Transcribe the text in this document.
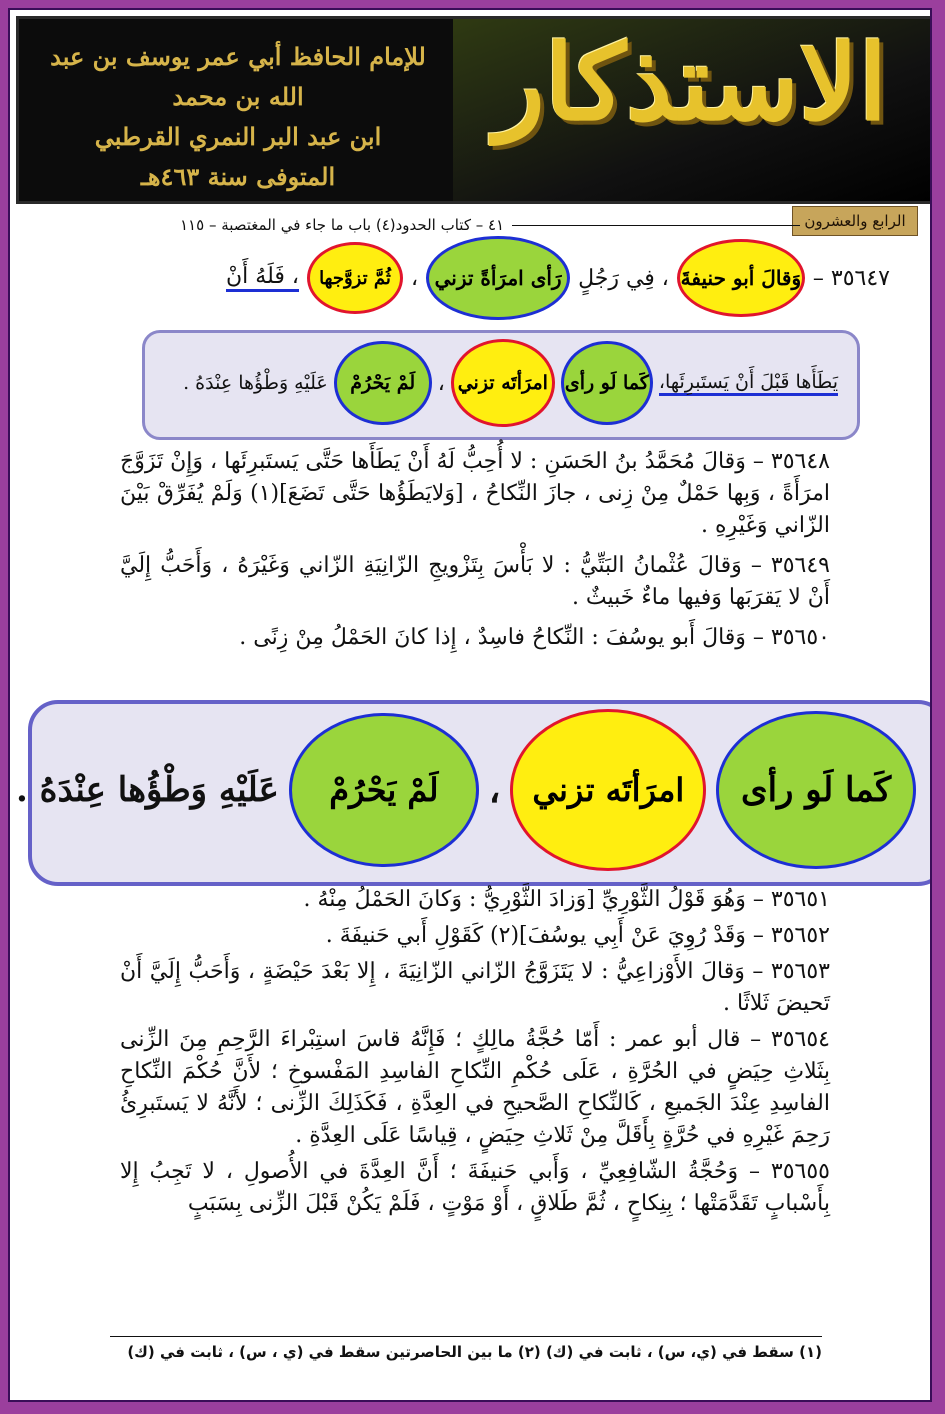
الاستذكار
للإمام الحافظ أبي عمر يوسف بن عبد الله بن محمد
ابن عبد البر النمري القرطبي
المتوفى سنة ٤٦٣هـ
الرابع والعشرون
٤١ – كتاب الحدود(٤) باب ما جاء في المغتصبة – ١١٥
٣٥٦٤٧ –
وَقالَ أبو حنيفةَ
، فِي رَجُلٍ
رَأى امرَأةً تزني
،
ثُمَّ تزوَّجها
، فَلَهُ أَنْ
يَطَأَها قَبْلَ أَنْ يَستَبرِئَها،
كَما لَو رأى
امرَأتَه تزني
،
لَمْ يَحْرُمْ
عَلَيْهِ وَطْؤُها عِنْدَهُ .

٣٥٦٤٨ – وَقالَ مُحَمَّدُ بنُ الحَسَنِ : لا أُحِبُّ لَهُ أَنْ يَطَأَها حَتَّى يَستَبرِئَها ، وَإِنْ تَزَوَّجَ امرَأَةً ، وَبِها حَمْلٌ مِنْ زِنى ، جازَ النِّكاحُ ، [وَلايَطَؤُها حَتَّى تَضَعَ](١) وَلَمْ يُفَرِّقْ بَيْنَ الزّاني وَغَيْرِهِ .

٣٥٦٤٩ – وَقالَ عُثْمانُ البَتِّيُّ : لا بَأْسَ بِتَزْويجِ الزّانِيَةِ الزّاني وَغَيْرَهُ ، وَأَحَبُّ إِلَيَّ أَنْ لا يَقرَبَها وَفيها ماءٌ خَبيثٌ .

٣٥٦٥٠ – وَقالَ أَبو يوسُفَ : النِّكاحُ فاسِدٌ ، إِذا كانَ الحَمْلُ مِنْ زِنًى .

كَما لَو رأى
امرَأتَه تزني
،
لَمْ يَحْرُمْ
عَلَيْهِ وَطْؤُها عِنْدَهُ .

٣٥٦٥١ – وَهُوَ قَوْلُ الثَّوْرِيِّ [وَزادَ الثَّوْرِيُّ : وَكانَ الحَمْلُ مِنْهُ .

٣٥٦٥٢ – وَقَدْ رُوِيَ عَنْ أَبِي يوسُفَ](٢) كَقَوْلِ أَبي حَنيفَةَ .

٣٥٦٥٣ – وَقالَ الأَوْزاعِيُّ : لا يَتَزَوَّجُ الزّاني الزّانِيَةَ ، إِلا بَعْدَ حَيْضَةٍ ، وَأَحَبُّ إِلَيَّ أَنْ تَحيضَ ثَلاثًا .

٣٥٦٥٤ – قال أبو عمر : أَمّا حُجَّةُ مالِكٍ ؛ فَإِنَّهُ قاسَ استِبْراءَ الرَّحِمِ مِنَ الزِّنى بِثَلاثِ حِيَضٍ في الحُرَّةِ ، عَلَى حُكْمِ النِّكاحِ الفاسِدِ المَفْسوخِ ؛ لأَنَّ حُكْمَ النِّكاحِ الفاسِدِ عِنْدَ الجَميعِ ، كَالنِّكاحِ الصَّحيحِ في العِدَّةِ ، فَكَذَلِكَ الزِّنى ؛ لأَنَّهُ لا يَستَبرِئُ رَحِمَ غَيْرِهِ في حُرَّةٍ بِأَقَلَّ مِنْ ثَلاثِ حِيَضٍ ، قِياسًا عَلَى العِدَّةِ .

٣٥٦٥٥ – وَحُجَّةُ الشّافِعِيِّ ، وَأَبي حَنيفَةَ ؛ أَنَّ العِدَّةَ في الأُصولِ ، لا تَجِبُ إِلا بِأَسْبابٍ تَقَدَّمَتْها ؛ بِنِكاحٍ ، ثُمَّ طَلاقٍ ، أَوْ مَوْتٍ ، فَلَمْ يَكُنْ قَبْلَ الزِّنى بِسَبَبٍ

(١) سقط في (ي، س) ، ثابت في (ك) (٢) ما بين الحاصرتين سقط في (ي ، س) ، ثابت في (ك)
